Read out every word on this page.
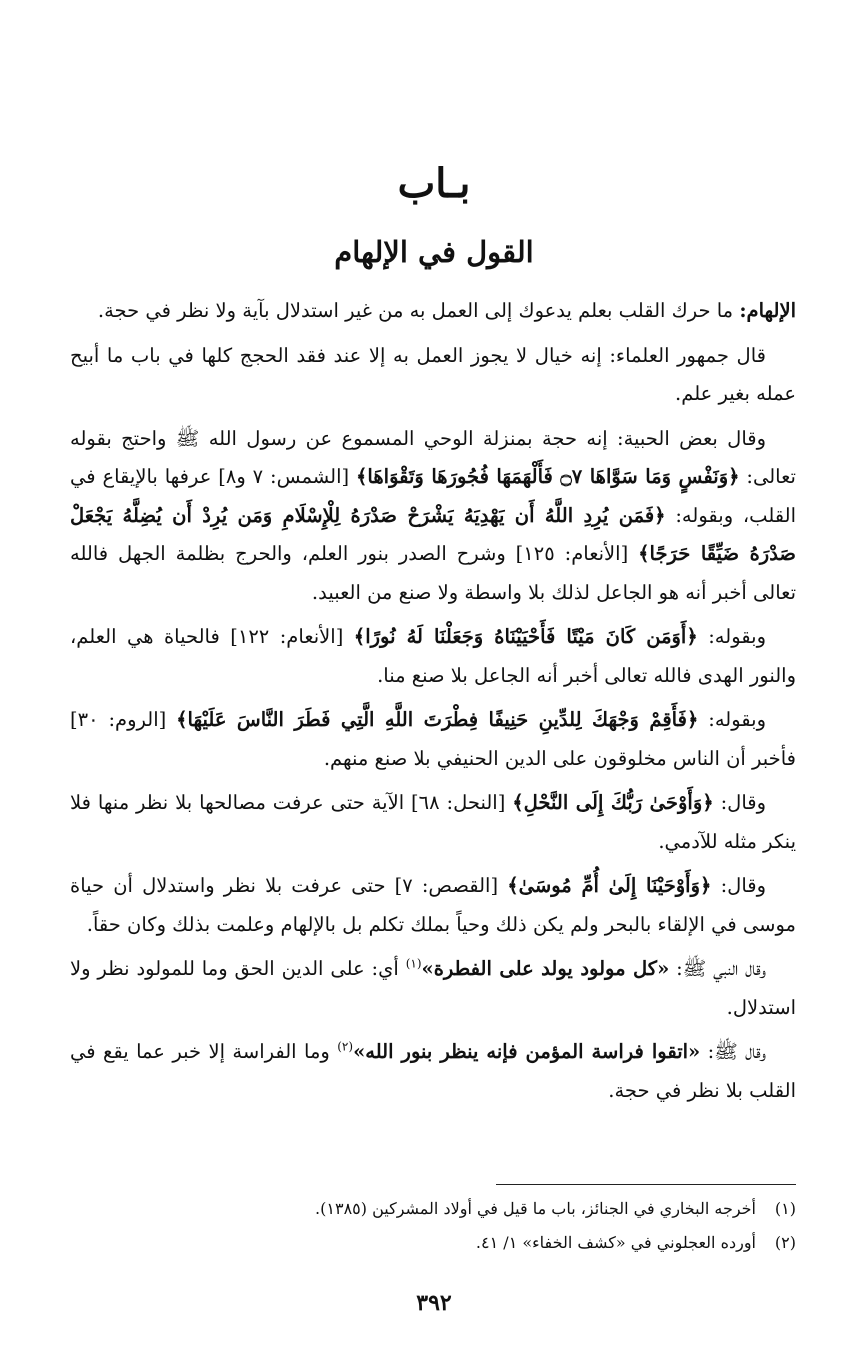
بـاب
القول في الإلهام

الإلهام: ما حرك القلب بعلم يدعوك إلى العمل به من غير استدلال بآية ولا نظر في حجة.

قال جمهور العلماء: إنه خيال لا يجوز العمل به إلا عند فقد الحجج كلها في باب ما أبيح عمله بغير علم.

وقال بعض الحبية: إنه حجة بمنزلة الوحي المسموع عن رسول الله ﷺ واحتج بقوله تعالى: ﴿وَنَفْسٍ وَمَا سَوَّاهَا ۝٧ فَأَلْهَمَهَا فُجُورَهَا وَتَقْوَاهَا﴾ [الشمس: ٧ و٨] عرفها بالإيقاع في القلب، وبقوله: ﴿فَمَن يُرِدِ اللَّهُ أَن يَهْدِيَهُ يَشْرَحْ صَدْرَهُ لِلْإِسْلَامِ وَمَن يُرِدْ أَن يُضِلَّهُ يَجْعَلْ صَدْرَهُ ضَيِّقًا حَرَجًا﴾ [الأنعام: ١٢٥] وشرح الصدر بنور العلم، والحرج بظلمة الجهل فالله تعالى أخبر أنه هو الجاعل لذلك بلا واسطة ولا صنع من العبيد.

وبقوله: ﴿أَوَمَن كَانَ مَيْتًا فَأَحْيَيْنَاهُ وَجَعَلْنَا لَهُ نُورًا﴾ [الأنعام: ١٢٢] فالحياة هي العلم، والنور الهدى فالله تعالى أخبر أنه الجاعل بلا صنع منا.

وبقوله: ﴿فَأَقِمْ وَجْهَكَ لِلدِّينِ حَنِيفًا فِطْرَتَ اللَّهِ الَّتِي فَطَرَ النَّاسَ عَلَيْهَا﴾ [الروم: ٣٠] فأخبر أن الناس مخلوقون على الدين الحنيفي بلا صنع منهم.

وقال: ﴿وَأَوْحَىٰ رَبُّكَ إِلَى النَّحْلِ﴾ [النحل: ٦٨] الآية حتى عرفت مصالحها بلا نظر منها فلا ينكر مثله للآدمي.

وقال: ﴿وَأَوْحَيْنَا إِلَىٰ أُمِّ مُوسَىٰ﴾ [القصص: ٧] حتى عرفت بلا نظر واستدلال أن حياة موسى في الإلقاء بالبحر ولم يكن ذلك وحياً بملك تكلم بل بالإلهام وعلمت بذلك وكان حقاً.

وقال النبي ﷺ: «كل مولود يولد على الفطرة»$^{(١)}$ أي: على الدين الحق وما للمولود نظر ولا استدلال.

وقال ﷺ: «اتقوا فراسة المؤمن فإنه ينظر بنور الله»$^{(٢)}$ وما الفراسة إلا خبر عما يقع في القلب بلا نظر في حجة.

(١)أخرجه البخاري في الجنائز، باب ما قيل في أولاد المشركين (١٣٨٥).

(٢)أورده العجلوني في «كشف الخفاء» ١/ ٤١.

٣٩٢
